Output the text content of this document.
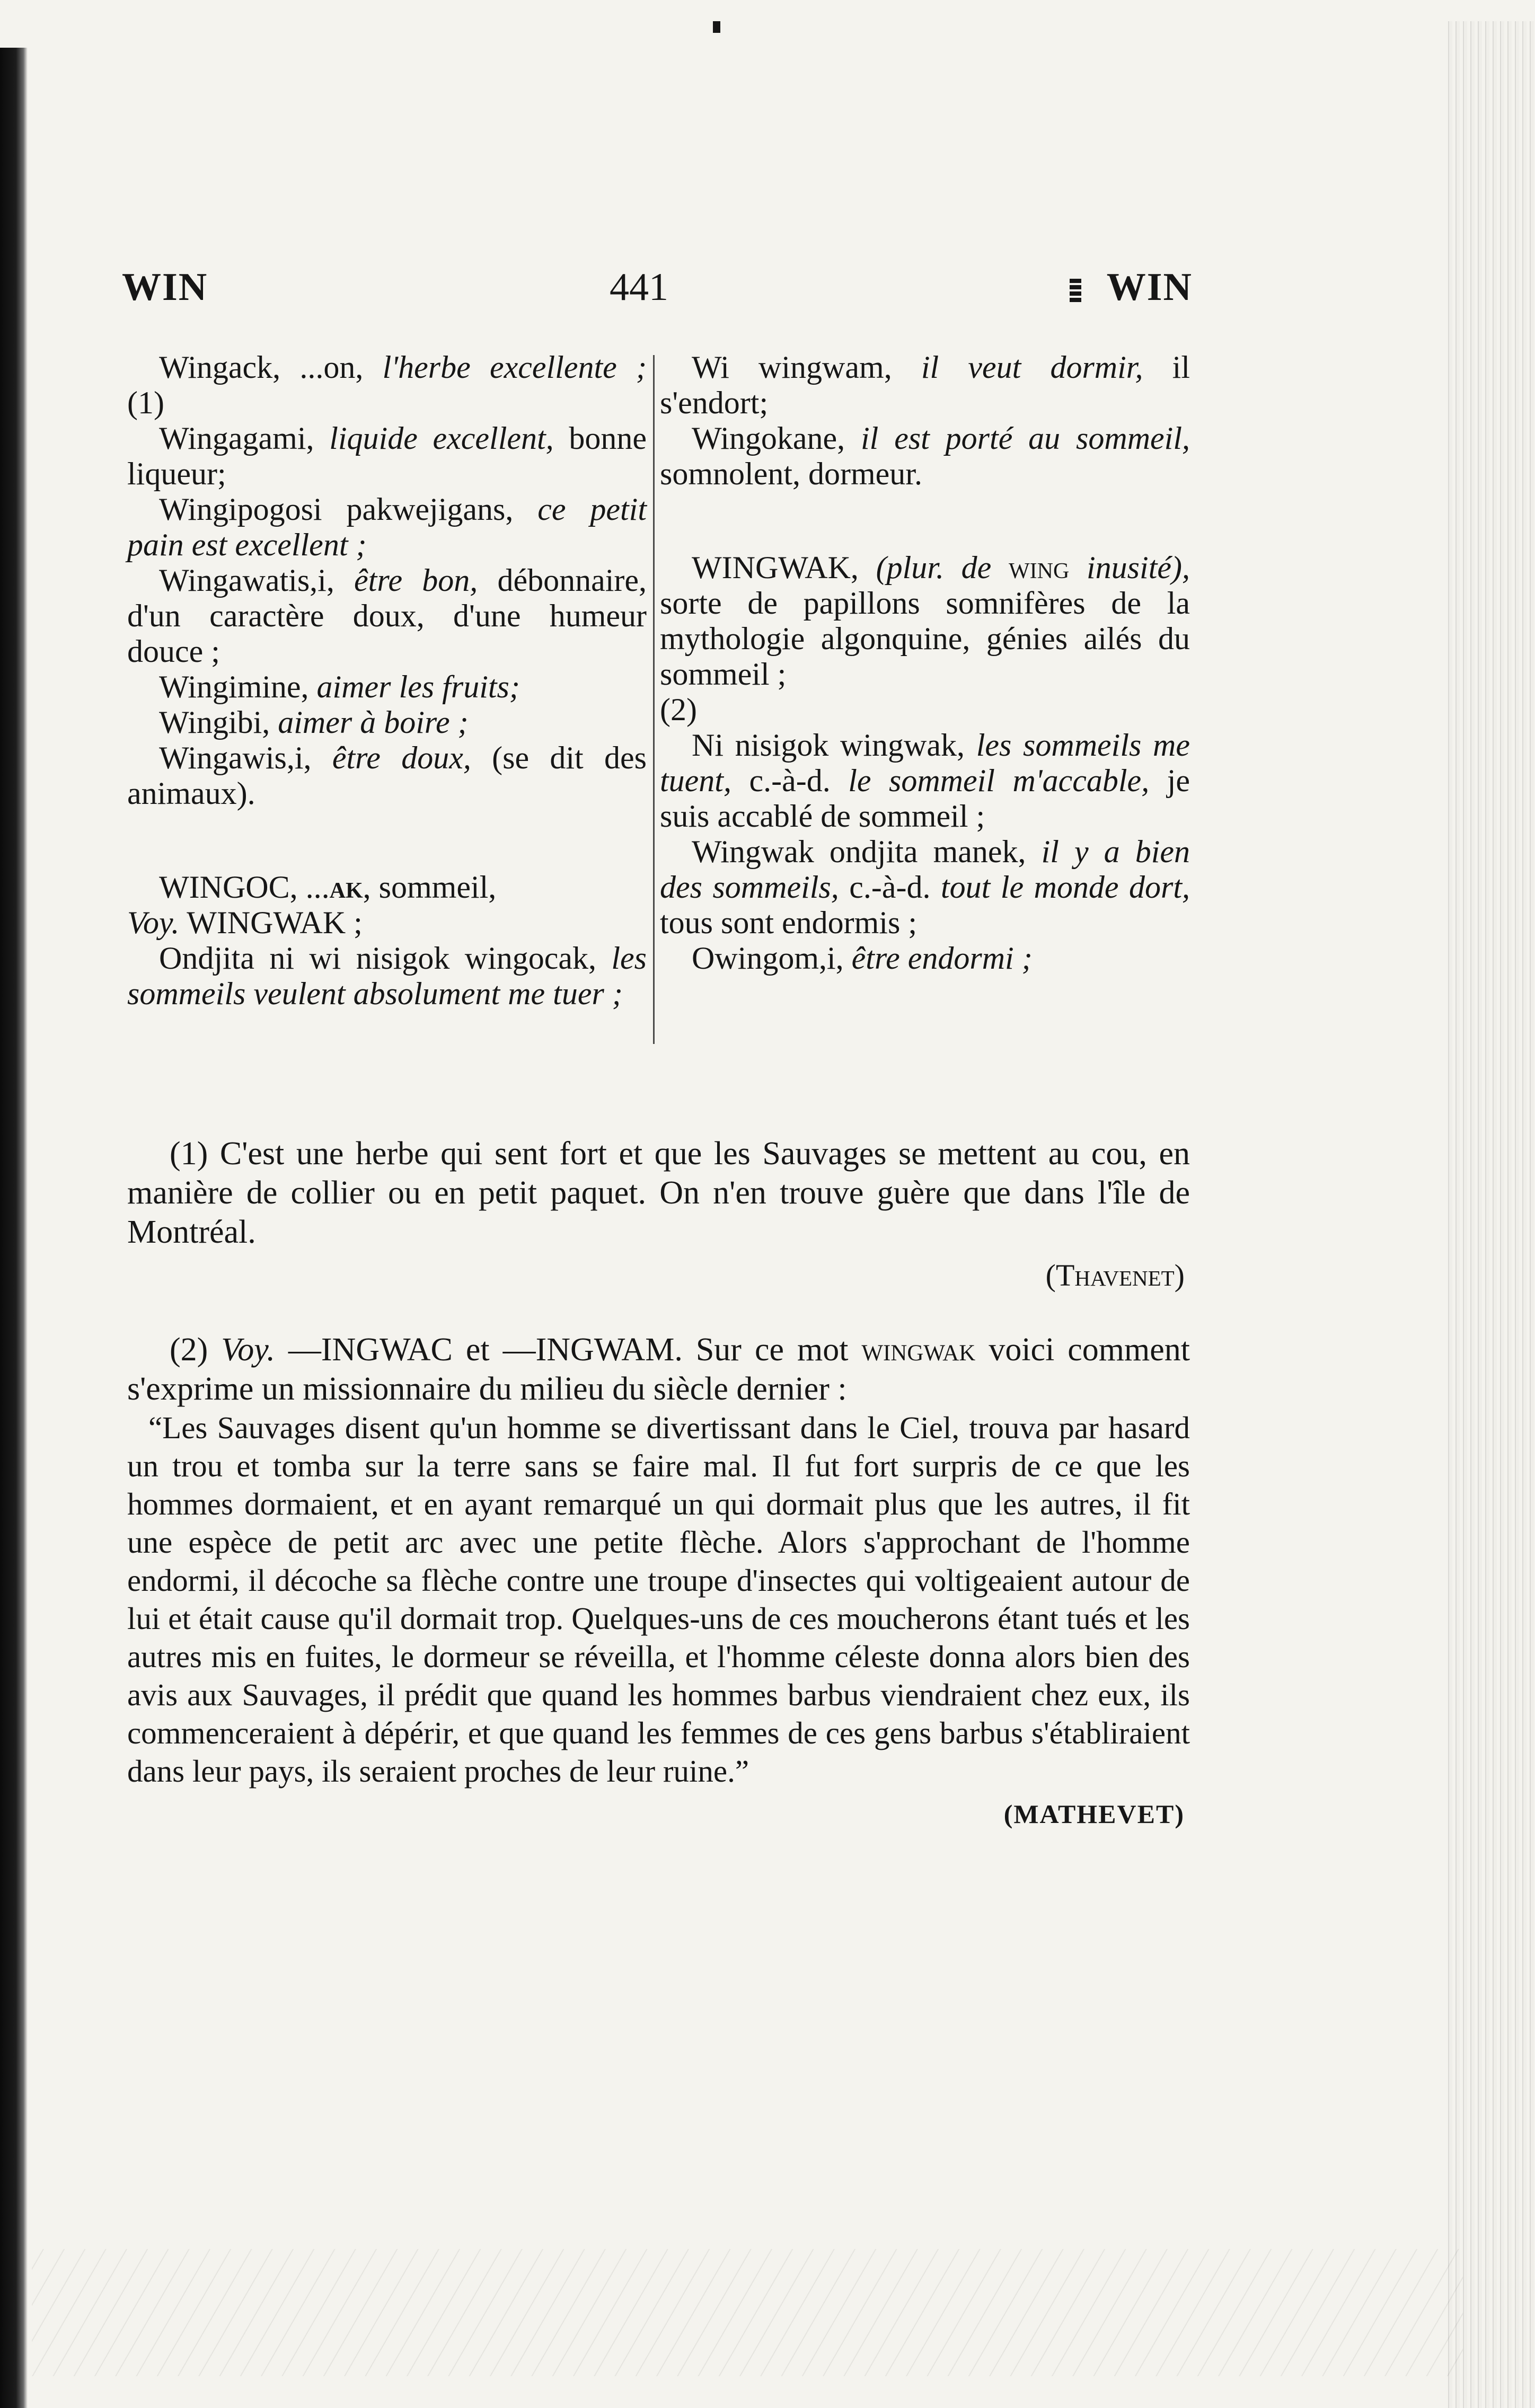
WIN	441	WIN
Wingack, ...on, l'herbe excellente ; (1)
Wingagami, liquide excellent, bonne liqueur;
Wingipogosi pakwejigans, ce petit pain est excellent ;
Wingawatis,i, être bon, débonnaire, d'un caractère doux, d'une humeur douce ;
Wingimine, aimer les fruits;
Wingibi, aimer à boire ;
Wingawis,i, être doux, (se dit des animaux).
WINGOC, ...ak, sommeil,
Voy. WINGWAK ;
Ondjita ni wi nisigok wingocak, les sommeils veulent absolument me tuer ;
Wi wingwam, il veut dormir, il s'endort;
Wingokane, il est porté au sommeil, somnolent, dormeur.
WINGWAK, (plur. de wing inusité), sorte de papillons somnifères de la mythologie algonquine, génies ailés du sommeil ;
(2)
Ni nisigok wingwak, les sommeils me tuent, c.-à-d. le sommeil m'accable, je suis accablé de sommeil ;
Wingwak ondjita manek, il y a bien des sommeils, c.-à-d. tout le monde dort, tous sont endormis ;
Owingom,i, être endormi ;

(1) C'est une herbe qui sent fort et que les Sauvages se mettent au cou, en manière de collier ou en petit paquet. On n'en trouve guère que dans l'île de Montréal.

(Thavenet)

(2) Voy. —INGWAC et —INGWAM. Sur ce mot wingwak voici comment s'exprime un missionnaire du milieu du siècle dernier :

“Les Sauvages disent qu'un homme se divertissant dans le Ciel, trouva par hasard un trou et tomba sur la terre sans se faire mal. Il fut fort surpris de ce que les hommes dormaient, et en ayant remarqué un qui dormait plus que les autres, il fit une espèce de petit arc avec une petite flèche. Alors s'approchant de l'homme endormi, il décoche sa flèche contre une troupe d'insectes qui voltigeaient autour de lui et était cause qu'il dormait trop. Quelques-uns de ces moucherons étant tués et les autres mis en fuites, le dormeur se réveilla, et l'homme céleste donna alors bien des avis aux Sauvages, il prédit que quand les hommes barbus viendraient chez eux, ils commenceraient à dépérir, et que quand les femmes de ces gens barbus s'établiraient dans leur pays, ils seraient proches de leur ruine.”

(MATHEVET)
